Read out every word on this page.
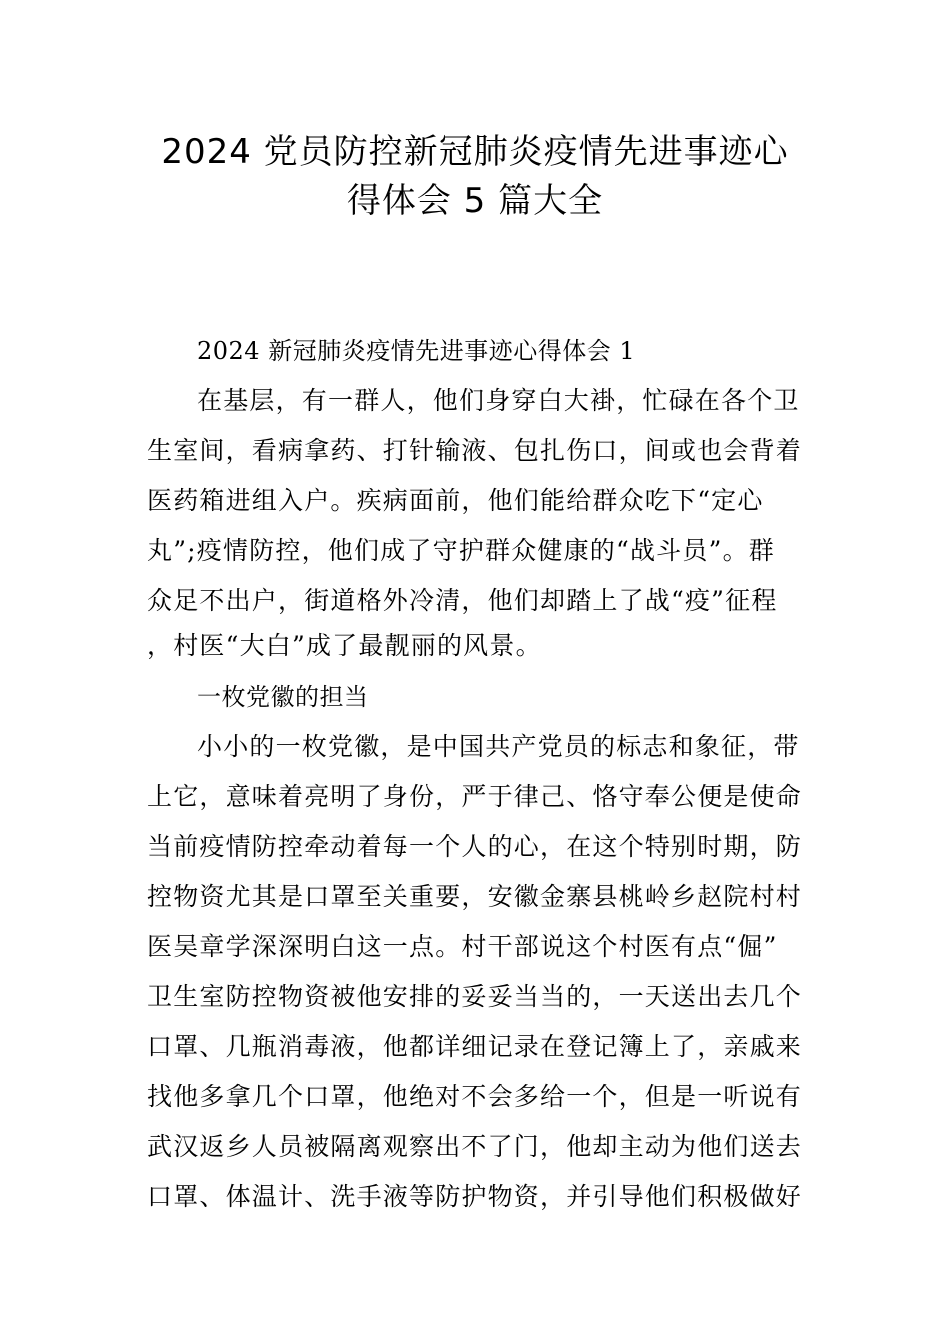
2024 党员防控新冠肺炎疫情先进事迹心
得体会 5 篇大全

2024 新冠肺炎疫情先进事迹心得体会 1

在基层，有一群人，他们身穿白大褂，忙碌在各个卫

生室间，看病拿药、打针输液、包扎伤口，间或也会背着

医药箱进组入户。疾病面前，他们能给群众吃下“定心

丸”;疫情防控，他们成了守护群众健康的“战斗员”。群

众足不出户，街道格外冷清，他们却踏上了战“疫”征程

，村医“大白”成了最靓丽的风景。

一枚党徽的担当

小小的一枚党徽，是中国共产党员的标志和象征，带

上它，意味着亮明了身份，严于律己、恪守奉公便是使命

当前疫情防控牵动着每一个人的心，在这个特别时期，防

控物资尤其是口罩至关重要，安徽金寨县桃岭乡赵院村村

医吴章学深深明白这一点。村干部说这个村医有点“倔”

卫生室防控物资被他安排的妥妥当当的，一天送出去几个

口罩、几瓶消毒液，他都详细记录在登记簿上了，亲戚来

找他多拿几个口罩，他绝对不会多给一个，但是一听说有

武汉返乡人员被隔离观察出不了门，他却主动为他们送去

口罩、体温计、洗手液等防护物资，并引导他们积极做好
